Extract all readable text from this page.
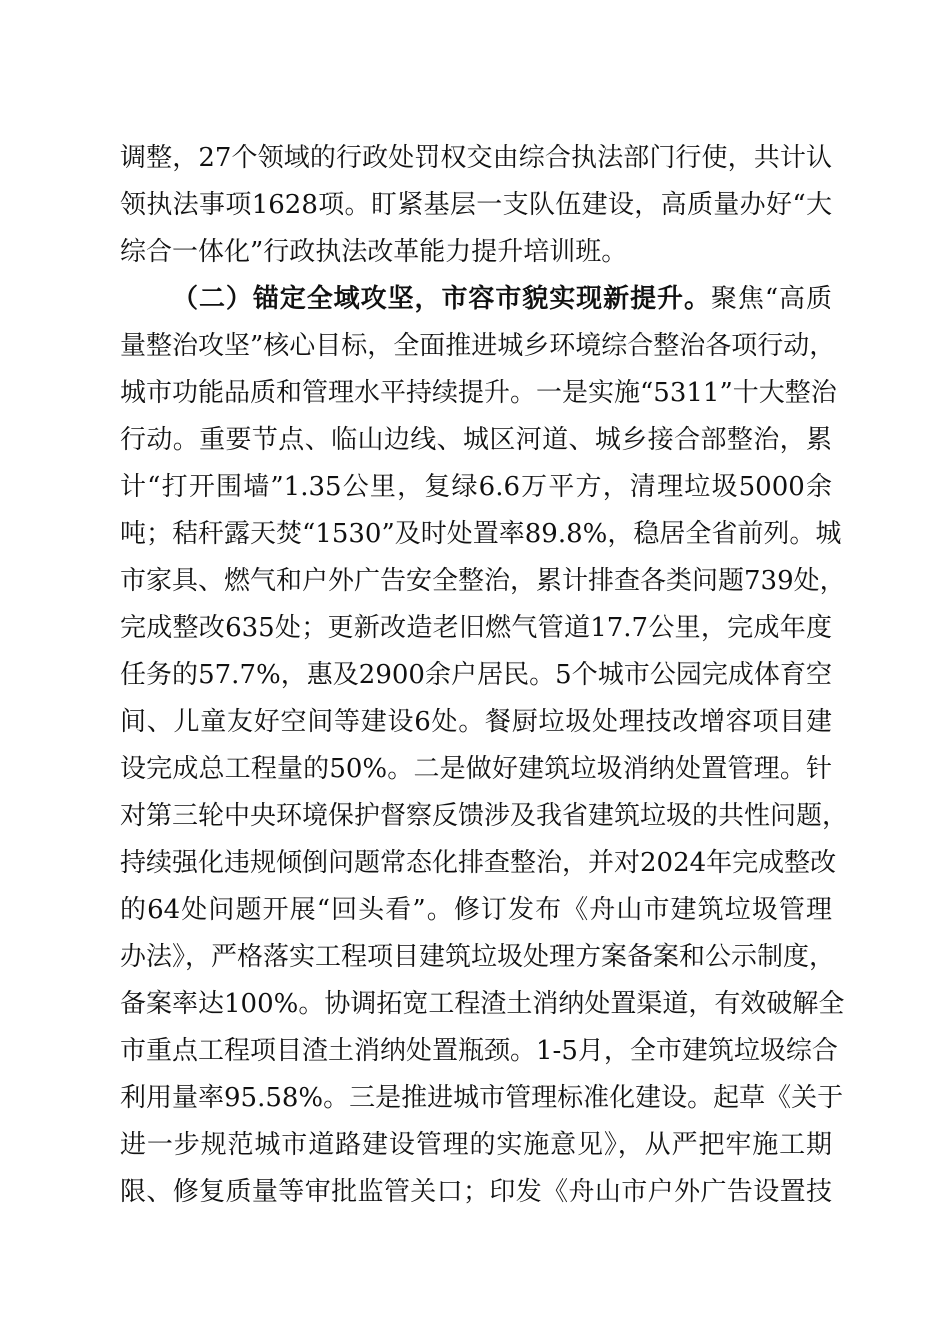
调整，27个领域的行政处罚权交由综合执法部门行使，共计认
领执法事项1628项。盯紧基层一支队伍建设，高质量办好“大
综合一体化”行政执法改革能力提升培训班。
（二）锚定全域攻坚，市容市貌实现新提升。聚焦“高质
量整治攻坚”核心目标，全面推进城乡环境综合整治各项行动，
城市功能品质和管理水平持续提升。一是实施“5311”十大整治
行动。重要节点、临山边线、城区河道、城乡接合部整治，累
计“打开围墙”1.35公里，复绿6.6万平方，清理垃圾5000余
吨；秸秆露天焚“1530”及时处置率89.8%，稳居全省前列。城
市家具、燃气和户外广告安全整治，累计排查各类问题739处，
完成整改635处；更新改造老旧燃气管道17.7公里，完成年度
任务的57.7%，惠及2900余户居民。5个城市公园完成体育空
间、儿童友好空间等建设6处。餐厨垃圾处理技改增容项目建
设完成总工程量的50%。二是做好建筑垃圾消纳处置管理。针
对第三轮中央环境保护督察反馈涉及我省建筑垃圾的共性问题，
持续强化违规倾倒问题常态化排查整治，并对2024年完成整改
的64处问题开展“回头看”。修订发布《舟山市建筑垃圾管理
办法》，严格落实工程项目建筑垃圾处理方案备案和公示制度，
备案率达100%。协调拓宽工程渣土消纳处置渠道，有效破解全
市重点工程项目渣土消纳处置瓶颈。1-5月，全市建筑垃圾综合
利用量率95.58%。三是推进城市管理标准化建设。起草《关于
进一步规范城市道路建设管理的实施意见》，从严把牢施工期
限、修复质量等审批监管关口；印发《舟山市户外广告设置技
